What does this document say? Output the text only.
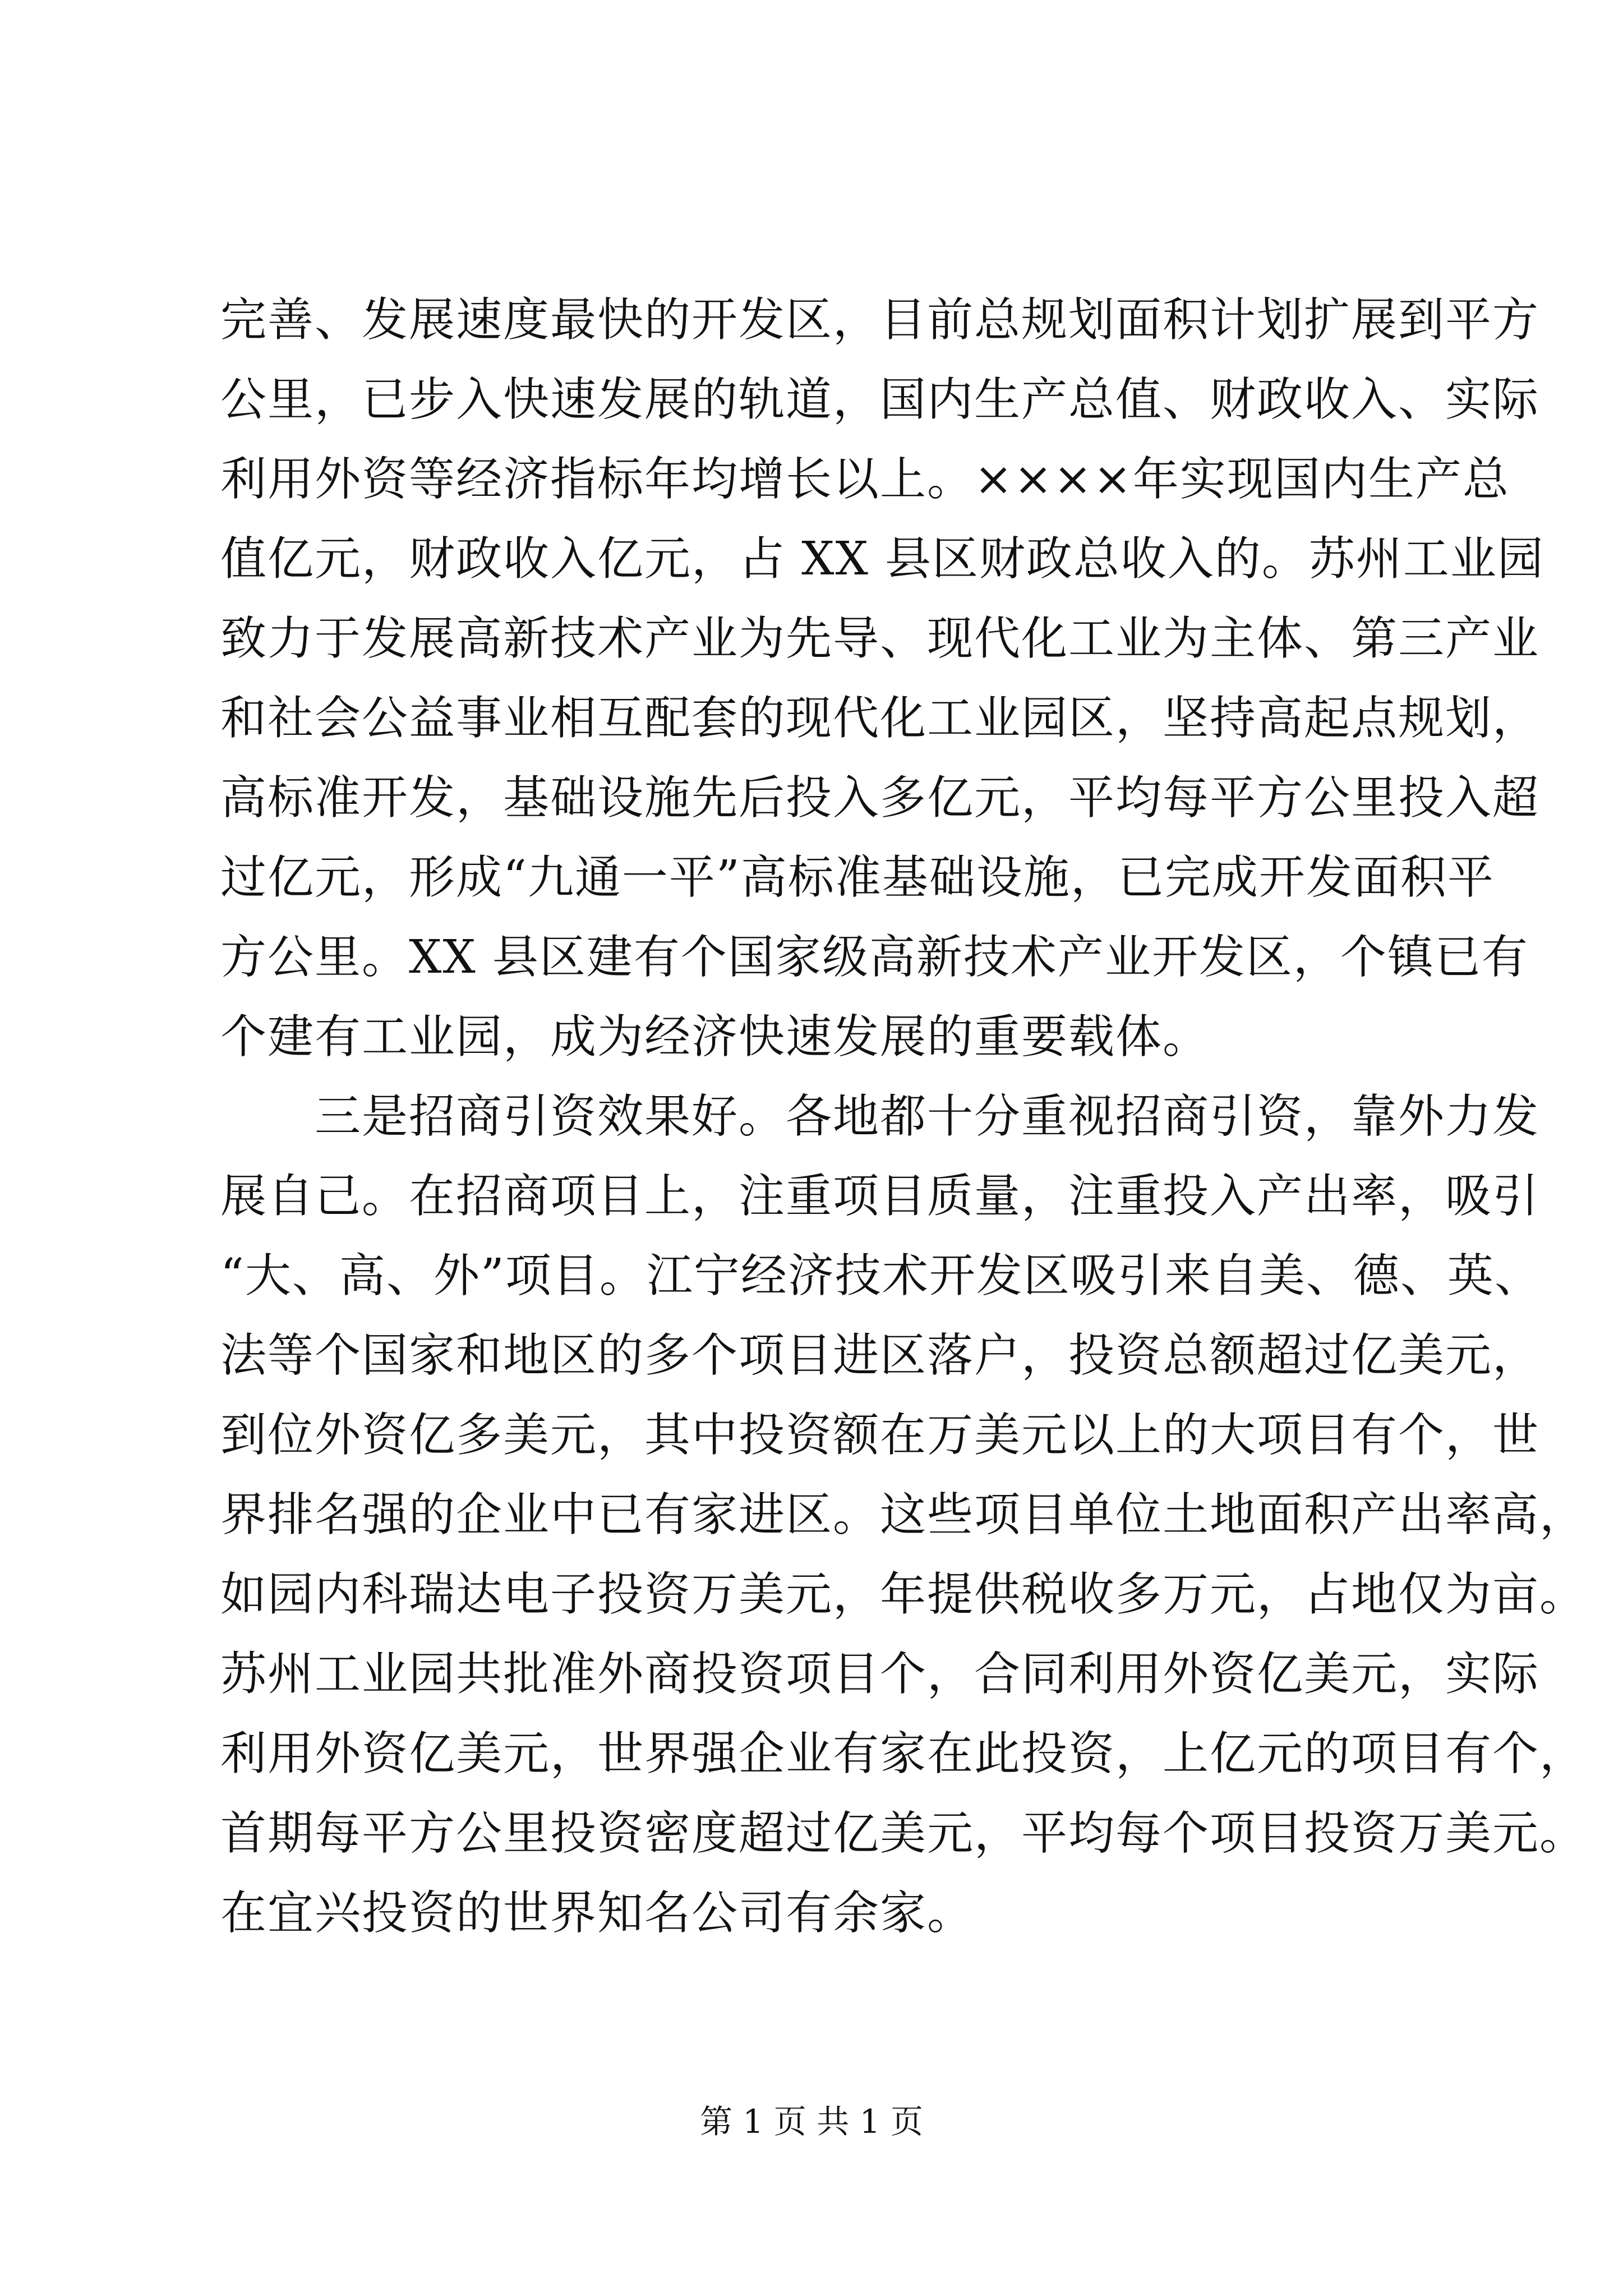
完善、发展速度最快的开发区，目前总规划面积计划扩展到平方
公里，已步入快速发展的轨道，国内生产总值、财政收入、实际
利用外资等经济指标年均增长以上。××××年实现国内生产总
值亿元，财政收入亿元，占 XX 县区财政总收入的。苏州工业园
致力于发展高新技术产业为先导、现代化工业为主体、第三产业
和社会公益事业相互配套的现代化工业园区，坚持高起点规划，
高标准开发，基础设施先后投入多亿元，平均每平方公里投入超
过亿元，形成“九通一平”高标准基础设施，已完成开发面积平
方公里。XX 县区建有个国家级高新技术产业开发区，个镇已有
个建有工业园，成为经济快速发展的重要载体。
三是招商引资效果好。各地都十分重视招商引资，靠外力发
展自己。在招商项目上，注重项目质量，注重投入产出率，吸引
“大、高、外”项目。江宁经济技术开发区吸引来自美、德、英、
法等个国家和地区的多个项目进区落户，投资总额超过亿美元，
到位外资亿多美元，其中投资额在万美元以上的大项目有个，世
界排名强的企业中已有家进区。这些项目单位土地面积产出率高，
如园内科瑞达电子投资万美元，年提供税收多万元，占地仅为亩。
苏州工业园共批准外商投资项目个，合同利用外资亿美元，实际
利用外资亿美元，世界强企业有家在此投资，上亿元的项目有个，
首期每平方公里投资密度超过亿美元，平均每个项目投资万美元。
在宜兴投资的世界知名公司有余家。
第 1 页 共 1 页
